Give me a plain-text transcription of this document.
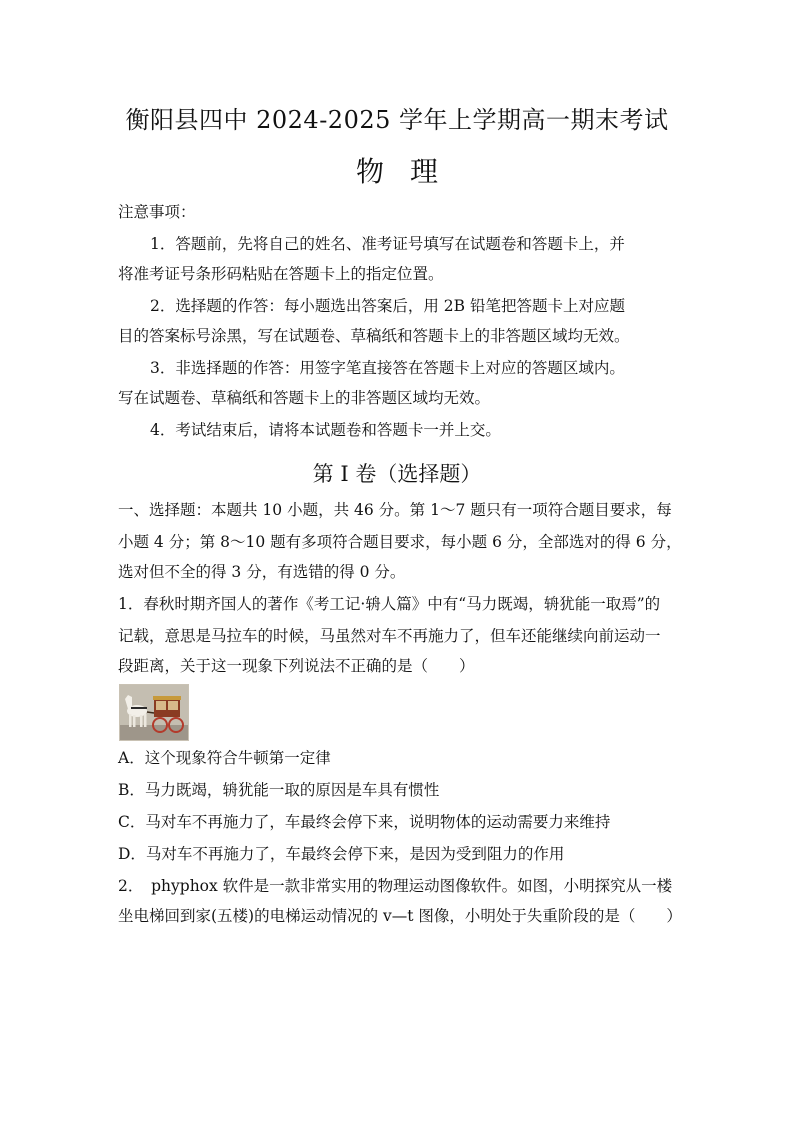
衡阳县四中 2024-2025 学年上学期高一期末考试
物理
注意事项：
1．答题前，先将自己的姓名、准考证号填写在试题卷和答题卡上，并
将准考证号条形码粘贴在答题卡上的指定位置。
2．选择题的作答：每小题选出答案后，用 2B 铅笔把答题卡上对应题
目的答案标号涂黑，写在试题卷、草稿纸和答题卡上的非答题区域均无效。
3．非选择题的作答：用签字笔直接答在答题卡上对应的答题区域内。
写在试题卷、草稿纸和答题卡上的非答题区域均无效。
4．考试结束后，请将本试题卷和答题卡一并上交。
第 I 卷（选择题）
一、选择题：本题共 10 小题，共 46 分。第 1～7 题只有一项符合题目要求，每
小题 4 分；第 8～10 题有多项符合题目要求，每小题 6 分，全部选对的得 6 分，
选对但不全的得 3 分，有选错的得 0 分。
1．春秋时期齐国人的著作《考工记·辀人篇》中有“马力既竭，辀犹能一取焉”的
记载，意思是马拉车的时候，马虽然对车不再施力了，但车还能继续向前运动一
段距离，关于这一现象下列说法不正确的是（　　）
A．这个现象符合牛顿第一定律
B．马力既竭，辀犹能一取的原因是车具有惯性
C．马对车不再施力了，车最终会停下来，说明物体的运动需要力来维持
D．马对车不再施力了，车最终会停下来，是因为受到阻力的作用
2．　phyphox 软件是一款非常实用的物理运动图像软件。如图，小明探究从一楼
坐电梯回到家(五楼)的电梯运动情况的 v—t 图像，小明处于失重阶段的是（　　）
